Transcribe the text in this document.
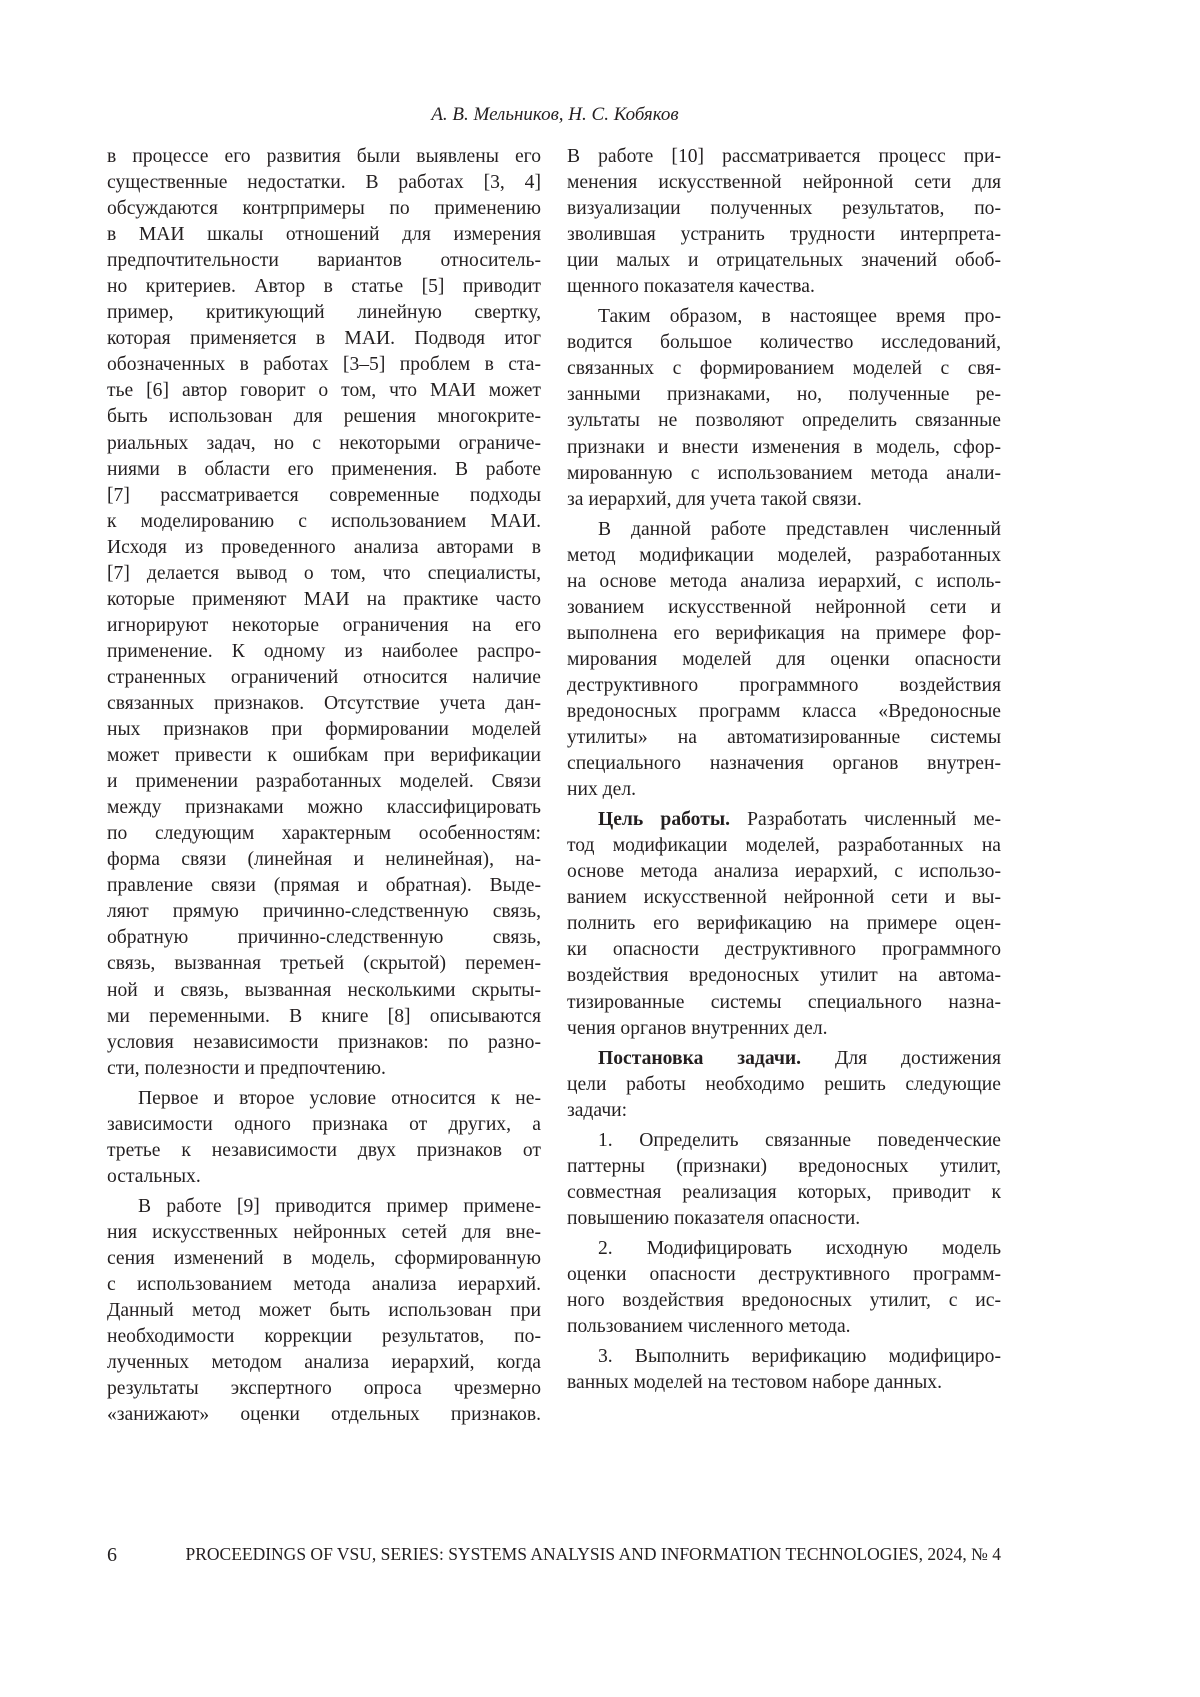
А. В. Мельников, Н. С. Кобяков
в процессе его развития были выявлены его
существенные недостатки. В работах [3, 4]
обсуждаются контрпримеры по применению
в МАИ шкалы отношений для измерения
предпочтительности вариантов относитель-
но критериев. Автор в статье [5] приводит
пример, критикующий линейную свертку,
которая применяется в МАИ. Подводя итог
обозначенных в работах [3–5] проблем в ста-
тье [6] автор говорит о том, что МАИ может
быть использован для решения многокрите-
риальных задач, но с некоторыми ограниче-
ниями в области его применения. В работе
[7] рассматривается современные подходы
к моделированию с использованием МАИ.
Исходя из проведенного анализа авторами в
[7] делается вывод о том, что специалисты,
которые применяют МАИ на практике часто
игнорируют некоторые ограничения на его
применение. К одному из наиболее распро-
страненных ограничений относится наличие
связанных признаков. Отсутствие учета дан-
ных признаков при формировании моделей
может привести к ошибкам при верификации
и применении разработанных моделей. Связи
между признаками можно классифицировать
по следующим характерным особенностям:
форма связи (линейная и нелинейная), на-
правление связи (прямая и обратная). Выде-
ляют прямую причинно-следственную связь,
обратную причинно-следственную связь,
связь, вызванная третьей (скрытой) перемен-
ной и связь, вызванная несколькими скрыты-
ми переменными. В книге [8] описываются
условия независимости признаков: по разно-
сти, полезности и предпочтению.
Первое и второе условие относится к не-
зависимости одного признака от других, а
третье к независимости двух признаков от
остальных.
В работе [9] приводится пример примене-
ния искусственных нейронных сетей для вне-
сения изменений в модель, сформированную
с использованием метода анализа иерархий.
Данный метод может быть использован при
необходимости коррекции результатов, по-
лученных методом анализа иерархий, когда
результаты экспертного опроса чрезмерно
«занижают» оценки отдельных признаков.
В работе [10] рассматривается процесс при-
менения искусственной нейронной сети для
визуализации полученных результатов, по-
зволившая устранить трудности интерпрета-
ции малых и отрицательных значений обоб-
щенного показателя качества.
Таким образом, в настоящее время про-
водится большое количество исследований,
связанных с формированием моделей с свя-
занными признаками, но, полученные ре-
зультаты не позволяют определить связанные
признаки и внести изменения в модель, сфор-
мированную с использованием метода анали-
за иерархий, для учета такой связи.
В данной работе представлен численный
метод модификации моделей, разработанных
на основе метода анализа иерархий, с исполь-
зованием искусственной нейронной сети и
выполнена его верификация на примере фор-
мирования моделей для оценки опасности
деструктивного программного воздействия
вредоносных программ класса «Вредоносные
утилиты» на автоматизированные системы
специального назначения органов внутрен-
них дел.
Цель работы. Разработать численный ме-
тод модификации моделей, разработанных на
основе метода анализа иерархий, с использо-
ванием искусственной нейронной сети и вы-
полнить его верификацию на примере оцен-
ки опасности деструктивного программного
воздействия вредоносных утилит на автома-
тизированные системы специального назна-
чения органов внутренних дел.
Постановка задачи. Для достижения
цели работы необходимо решить следующие
задачи:
1. Определить связанные поведенческие
паттерны (признаки) вредоносных утилит,
совместная реализация которых, приводит к
повышению показателя опасности.
2. Модифицировать исходную модель
оценки опасности деструктивного программ-
ного воздействия вредоносных утилит, с ис-
пользованием численного метода.
3. Выполнить верификацию модифициро-
ванных моделей на тестовом наборе данных.
6	PROCEEDINGS OF VSU, SERIES: SYSTEMS ANALYSIS AND INFORMATION TECHNOLOGIES, 2024, № 4
